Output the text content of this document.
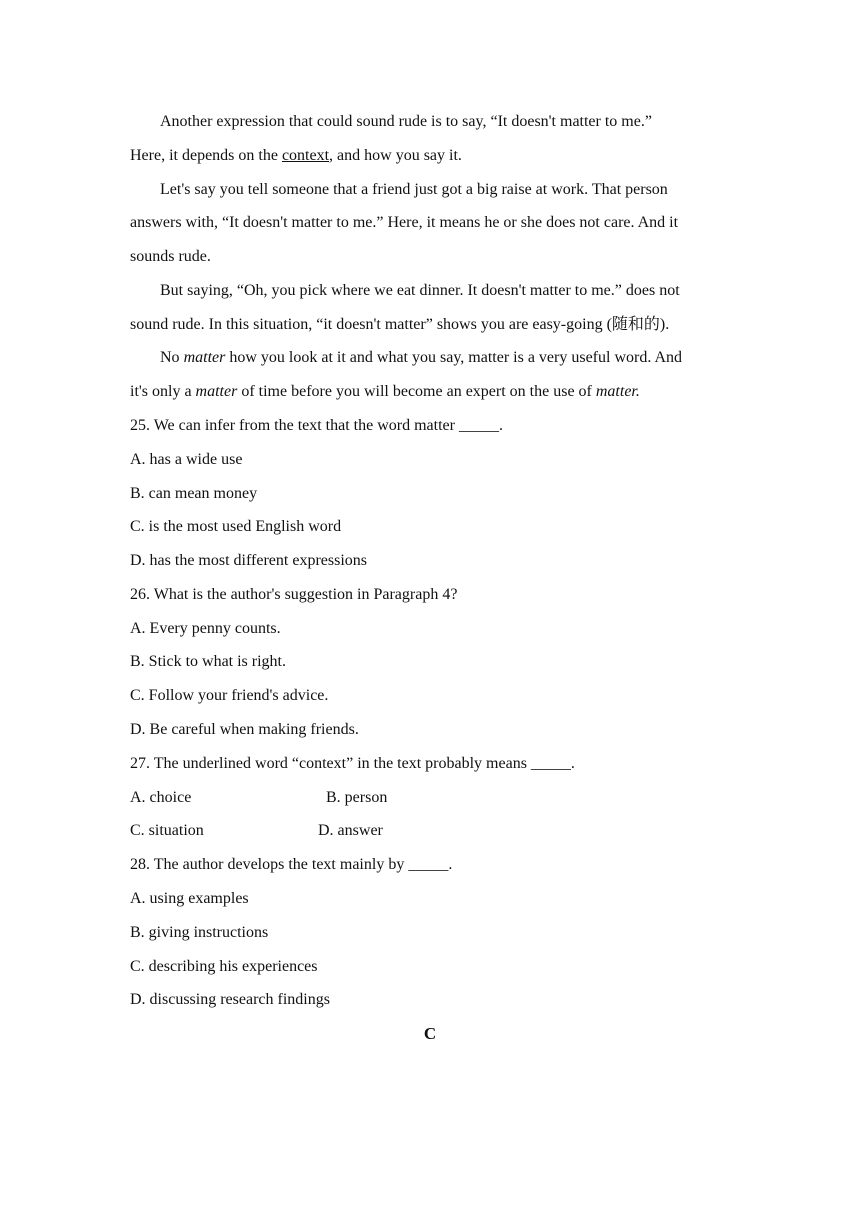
Another expression that could sound rude is to say, “It doesn't matter to me.”
Here, it depends on the context, and how you say it.
Let's say you tell someone that a friend just got a big raise at work. That person
answers with, “It doesn't matter to me.” Here, it means he or she does not care. And it
sounds rude.
But saying, “Oh, you pick where we eat dinner. It doesn't matter to me.” does not
sound rude. In this situation, “it doesn't matter” shows you are easy-going (随和的).
No matter how you look at it and what you say, matter is a very useful word. And
it's only a matter of time before you will become an expert on the use of matter.
25. We can infer from the text that the word matter _____.
A. has a wide use
B. can mean money
C. is the most used English word
D. has the most different expressions
26. What is the author's suggestion in Paragraph 4?
A. Every penny counts.
B. Stick to what is right.
C. Follow your friend's advice.
D. Be careful when making friends.
27. The underlined word “context” in the text probably means _____.
A. choice	B. person
C. situation	D. answer
28. The author develops the text mainly by _____.
A. using examples
B. giving instructions
C. describing his experiences
D. discussing research findings
C
